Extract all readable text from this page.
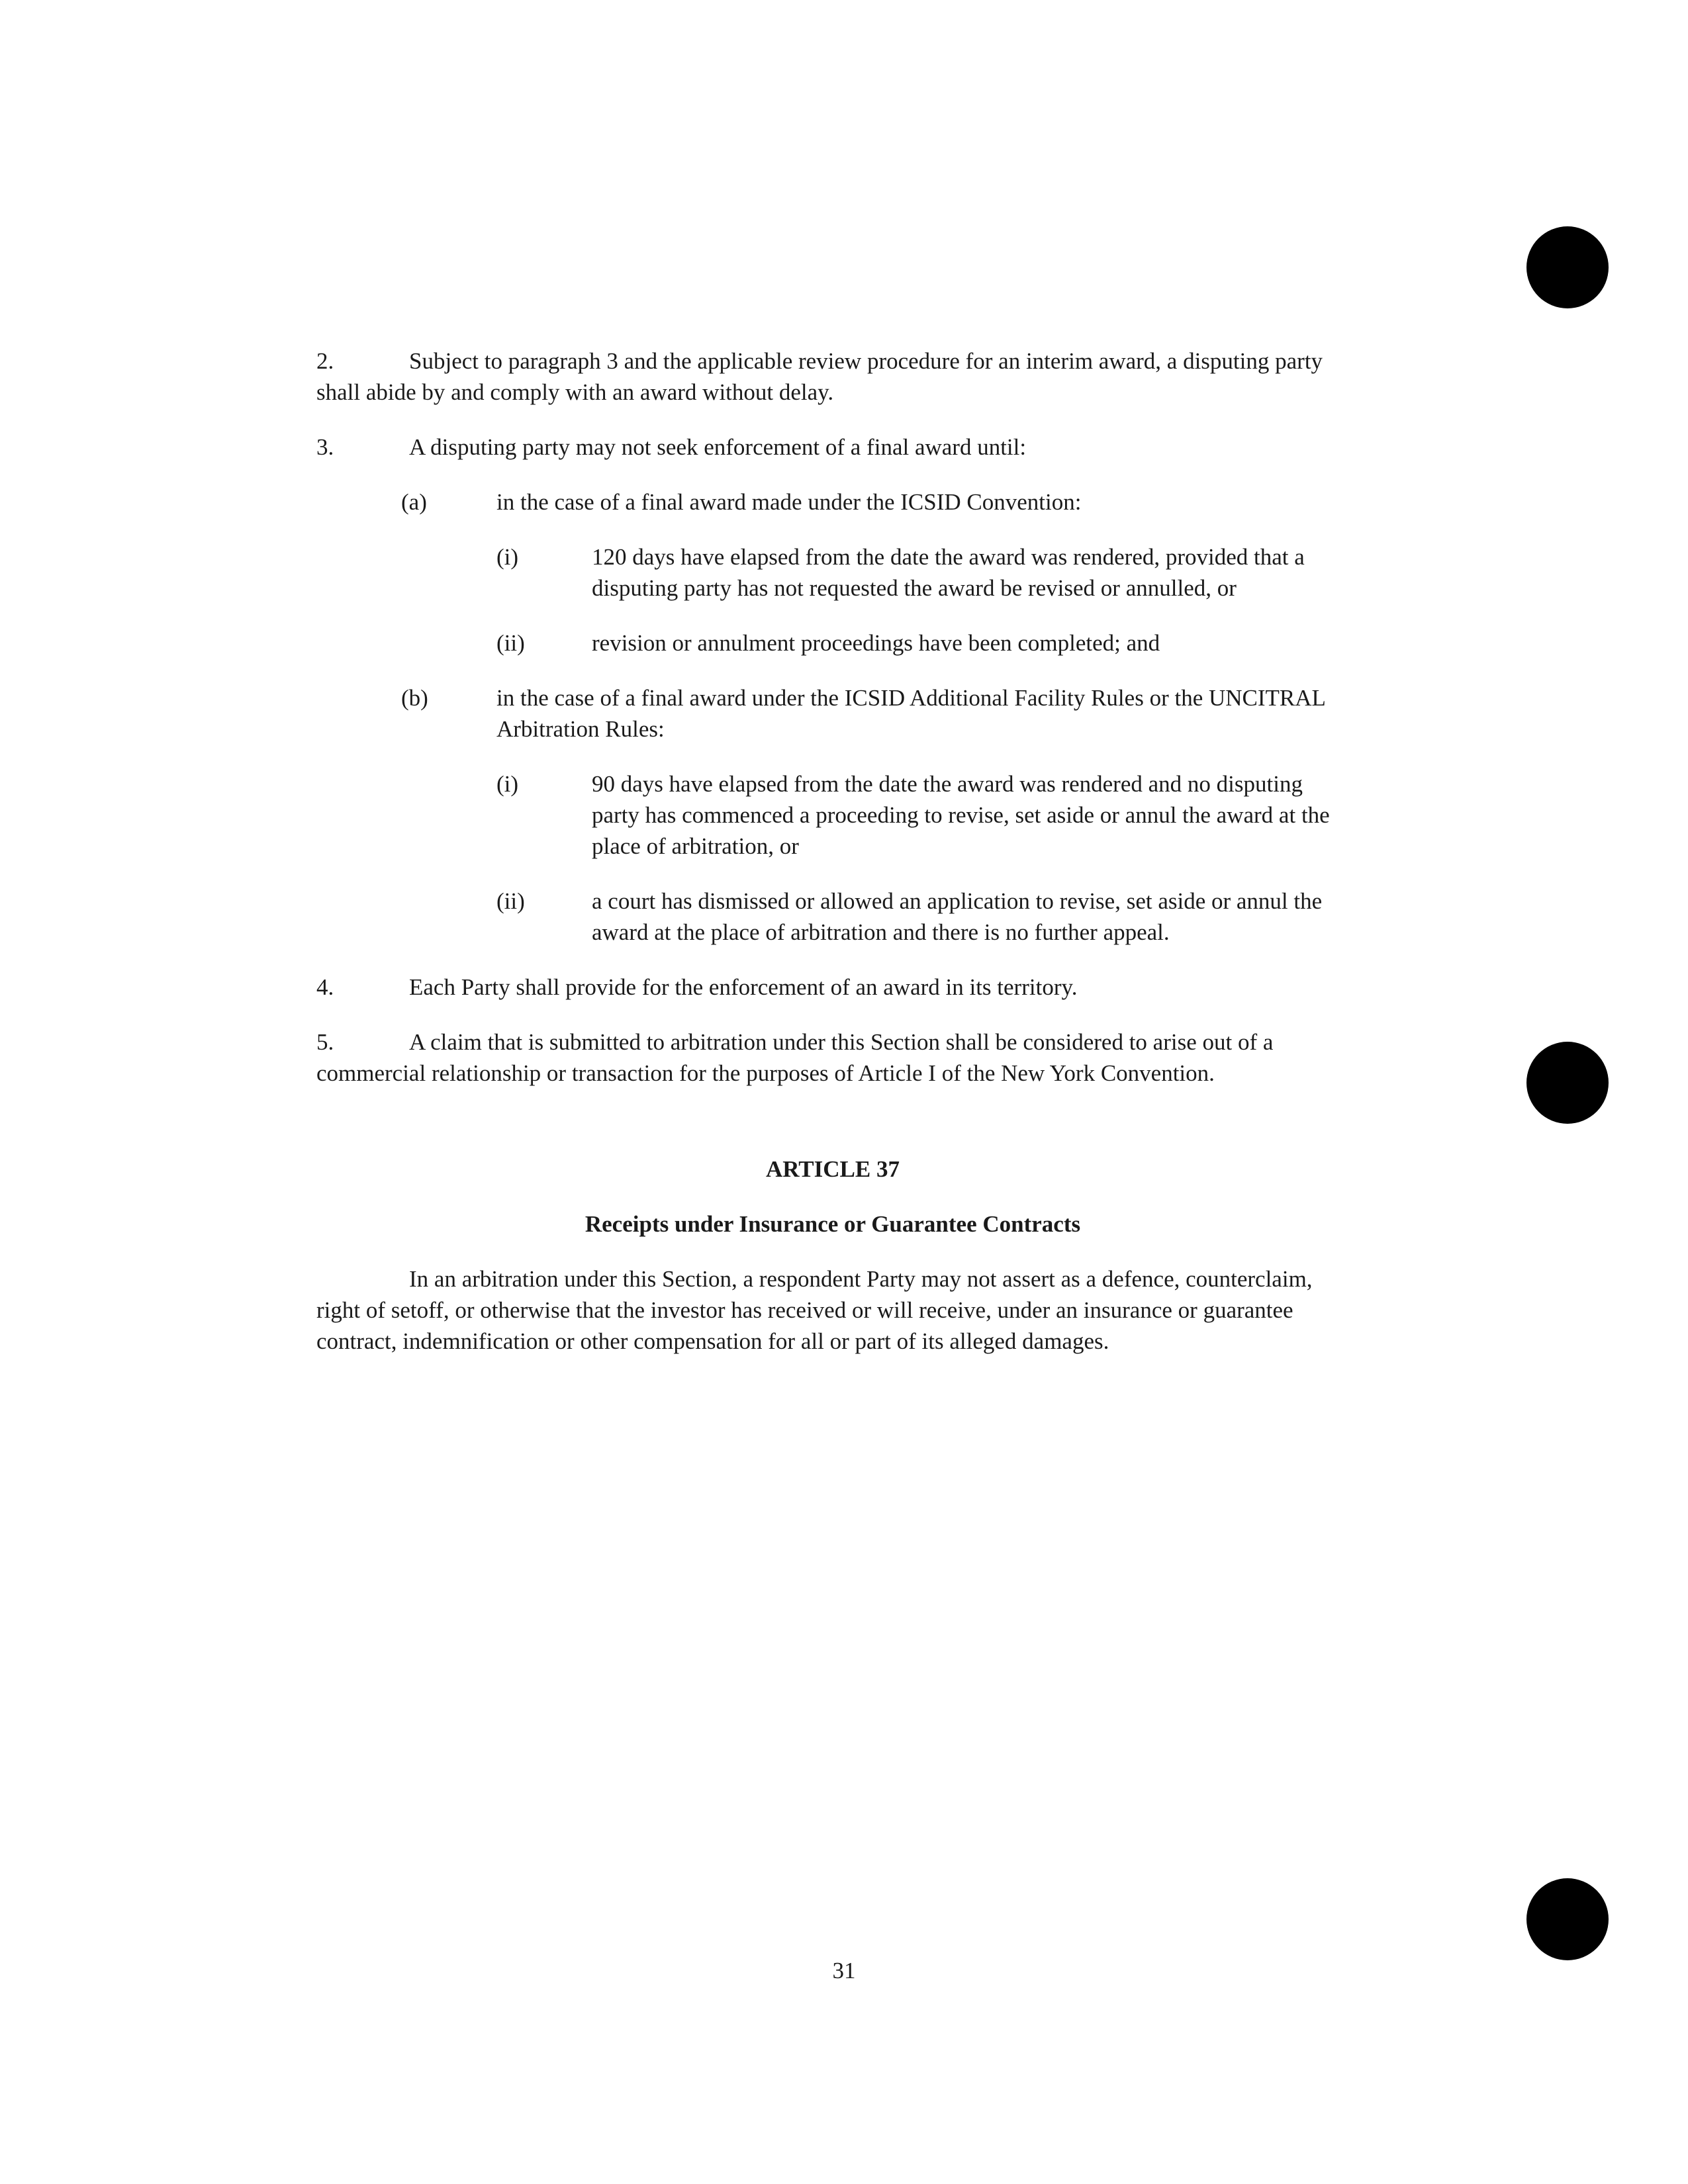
2.	Subject to paragraph 3 and the applicable review procedure for an interim award, a disputing party shall abide by and comply with an award without delay.

3.	A disputing party may not seek enforcement of a final award until:

(a)	in the case of a final award made under the ICSID Convention:
(i)	120 days have elapsed from the date the award was rendered, provided that a disputing party has not requested the award be revised or annulled, or
(ii)	revision or annulment proceedings have been completed; and
(b)	in the case of a final award under the ICSID Additional Facility Rules or the UNCITRAL Arbitration Rules:
(i)	90 days have elapsed from the date the award was rendered and no disputing party has commenced a proceeding to revise, set aside or annul the award at the place of arbitration, or
(ii)	a court has dismissed or allowed an application to revise, set aside or annul the award at the place of arbitration and there is no further appeal.

4.	Each Party shall provide for the enforcement of an award in its territory.

5.	A claim that is submitted to arbitration under this Section shall be considered to arise out of a commercial relationship or transaction for the purposes of Article I of the New York Convention.

ARTICLE 37
Receipts under Insurance or Guarantee Contracts

In an arbitration under this Section, a respondent Party may not assert as a defence, counterclaim, right of setoff, or otherwise that the investor has received or will receive, under an insurance or guarantee contract, indemnification or other compensation for all or part of its alleged damages.

31
